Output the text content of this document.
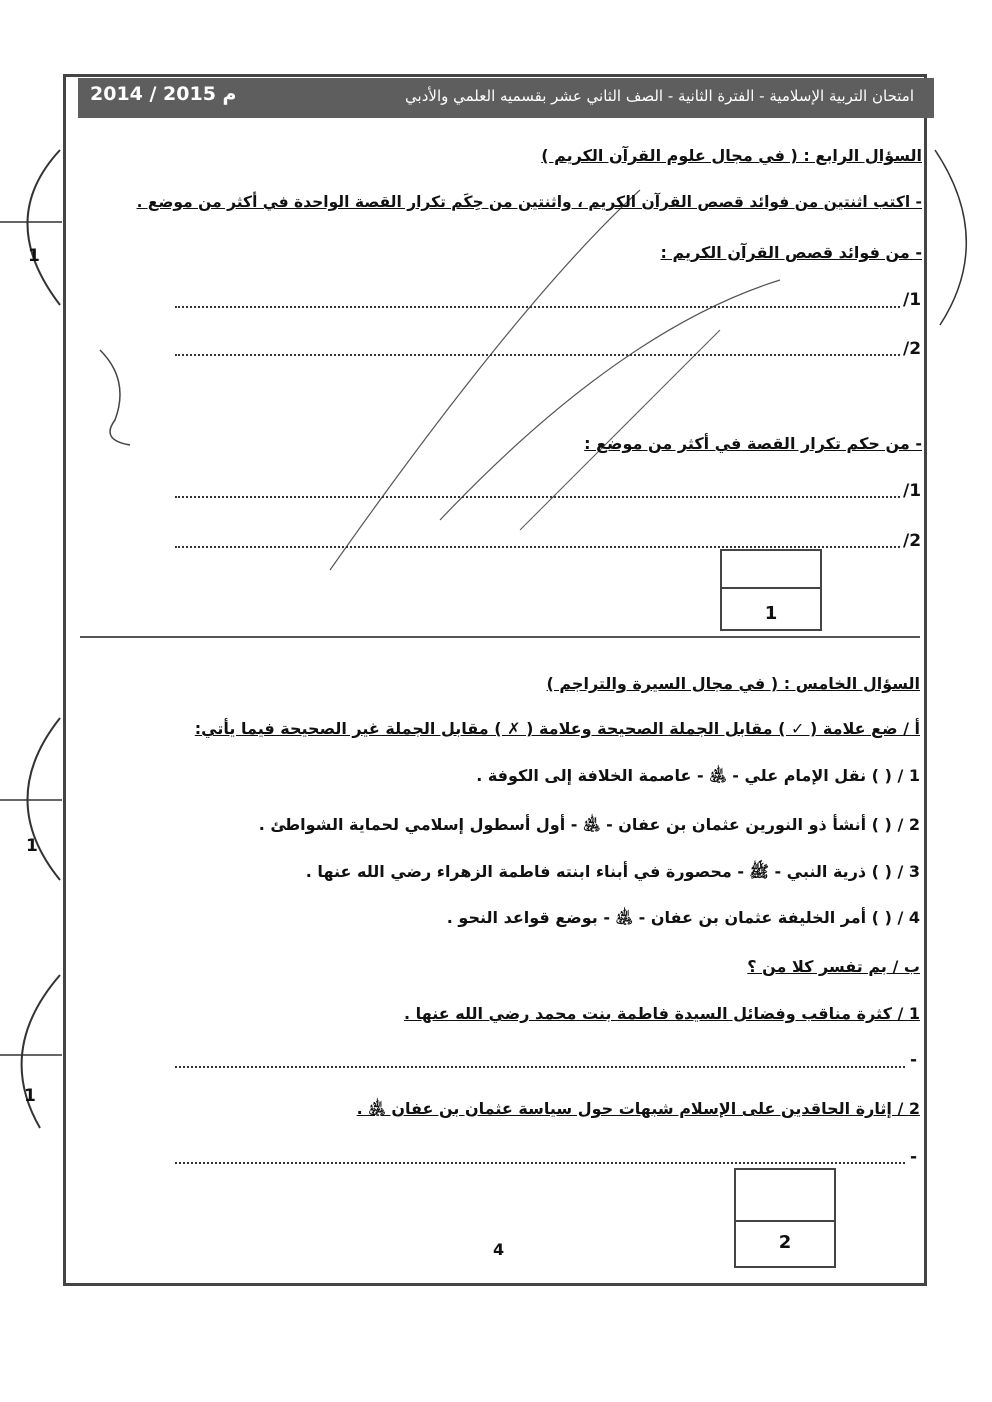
امتحان التربية الإسلامية - الفترة الثانية - الصف الثاني عشر بقسميه العلمي والأدبي
2014 / 2015 م
السؤال الرابع : ( في مجال علوم القرآن الكريم )
- اكتب اثنتين من فوائد قصص القرآن الكريم ، واثنتين من حِكَم تكرار القصة الواحدة في أكثر من موضع .
- من فوائد قصص القرآن الكريم :
/1
/2
- من حكم تكرار القصة في أكثر من موضع :
/1
/2
1
1
السؤال الخامس : ( في مجال السيرة والتراجم )
أ / ضع علامة ( ✓ ) مقابل الجملة الصحيحة وعلامة ( ✗ ) مقابل الجملة غير الصحيحة فيما يأتي:
1 / ( ) نقل الإمام علي - ﵁ - عاصمة الخلافة إلى الكوفة .
2 / ( ) أنشأ ذو النورين عثمان بن عفان - ﵁ - أول أسطول إسلامي لحماية الشواطئ .
3 / ( ) ذرية النبي - ﷺ - محصورة في أبناء ابنته فاطمة الزهراء رضي الله عنها .
4 / ( ) أمر الخليفة عثمان بن عفان - ﵁ - بوضع قواعد النحو .
ب / بم تفسر كلا من ؟
1 / كثرة مناقب وفضائل السيدة فاطمة بنت محمد رضي الله عنها .
-
2 / إثارة الحاقدين على الإسلام شبهات حول سياسة عثمان بن عفان ﵁ .
-
2
1
1
4
